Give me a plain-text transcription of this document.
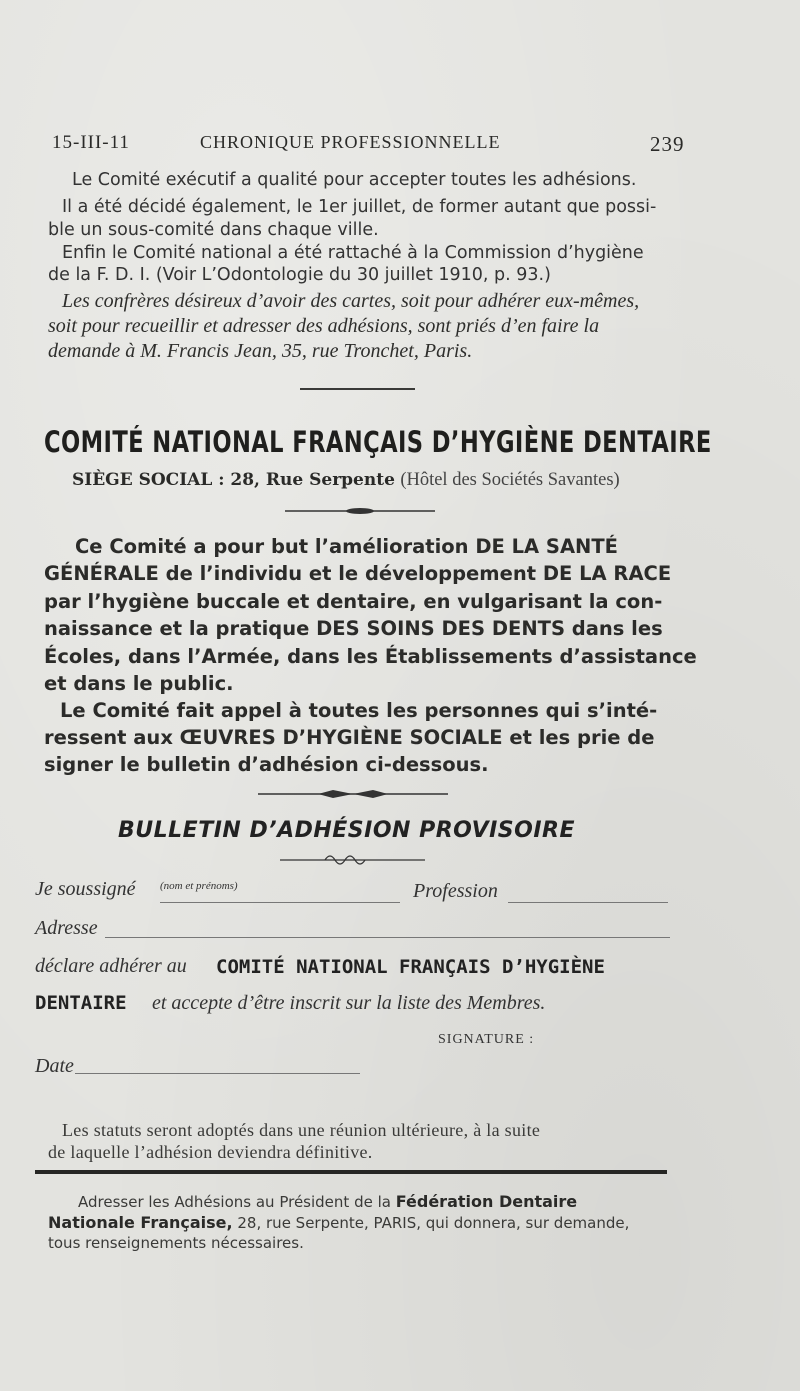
15-III-11	CHRONIQUE PROFESSIONNELLE	239
Le Comité exécutif a qualité pour accepter toutes les adhésions.
Il a été décidé également, le 1er juillet, de former autant que possi-
ble un sous-comité dans chaque ville.
Enfin le Comité national a été rattaché à la Commission d’hygiène
de la F. D. I. (Voir L’Odontologie du 30 juillet 1910, p. 93.)
Les confrères désireux d’avoir des cartes, soit pour adhérer eux-mêmes,
soit pour recueillir et adresser des adhésions, sont priés d’en faire la
demande à M. Francis Jean, 35, rue Tronchet, Paris.
COMITÉ NATIONAL FRANÇAIS D’HYGIÈNE DENTAIRE
SIÈGE SOCIAL : 28, Rue Serpente (Hôtel des Sociétés Savantes)
Ce Comité a pour but l’amélioration DE LA SANTÉ
GÉNÉRALE de l’individu et le développement DE LA RACE
par l’hygiène buccale et dentaire, en vulgarisant la con-
naissance et la pratique DES SOINS DES DENTS dans les
Écoles, dans l’Armée, dans les Établissements d’assistance
et dans le public.
Le Comité fait appel à toutes les personnes qui s’inté-
ressent aux ŒUVRES D’HYGIÈNE SOCIALE et les prie de
signer le bulletin d’adhésion ci-dessous.
BULLETIN D’ADHÉSION PROVISOIRE
Je soussigné (nom et prénoms)	Profession
Adresse
déclare adhérer au COMITÉ NATIONAL FRANÇAIS D’HYGIÈNE
DENTAIRE et accepte d’être inscrit sur la liste des Membres.
SIGNATURE :
Date
Les statuts seront adoptés dans une réunion ultérieure, à la suite
de laquelle l’adhésion deviendra définitive.
Adresser les Adhésions au Président de la Fédération Dentaire
Nationale Française, 28, rue Serpente, PARIS, qui donnera, sur demande,
tous renseignements nécessaires.
